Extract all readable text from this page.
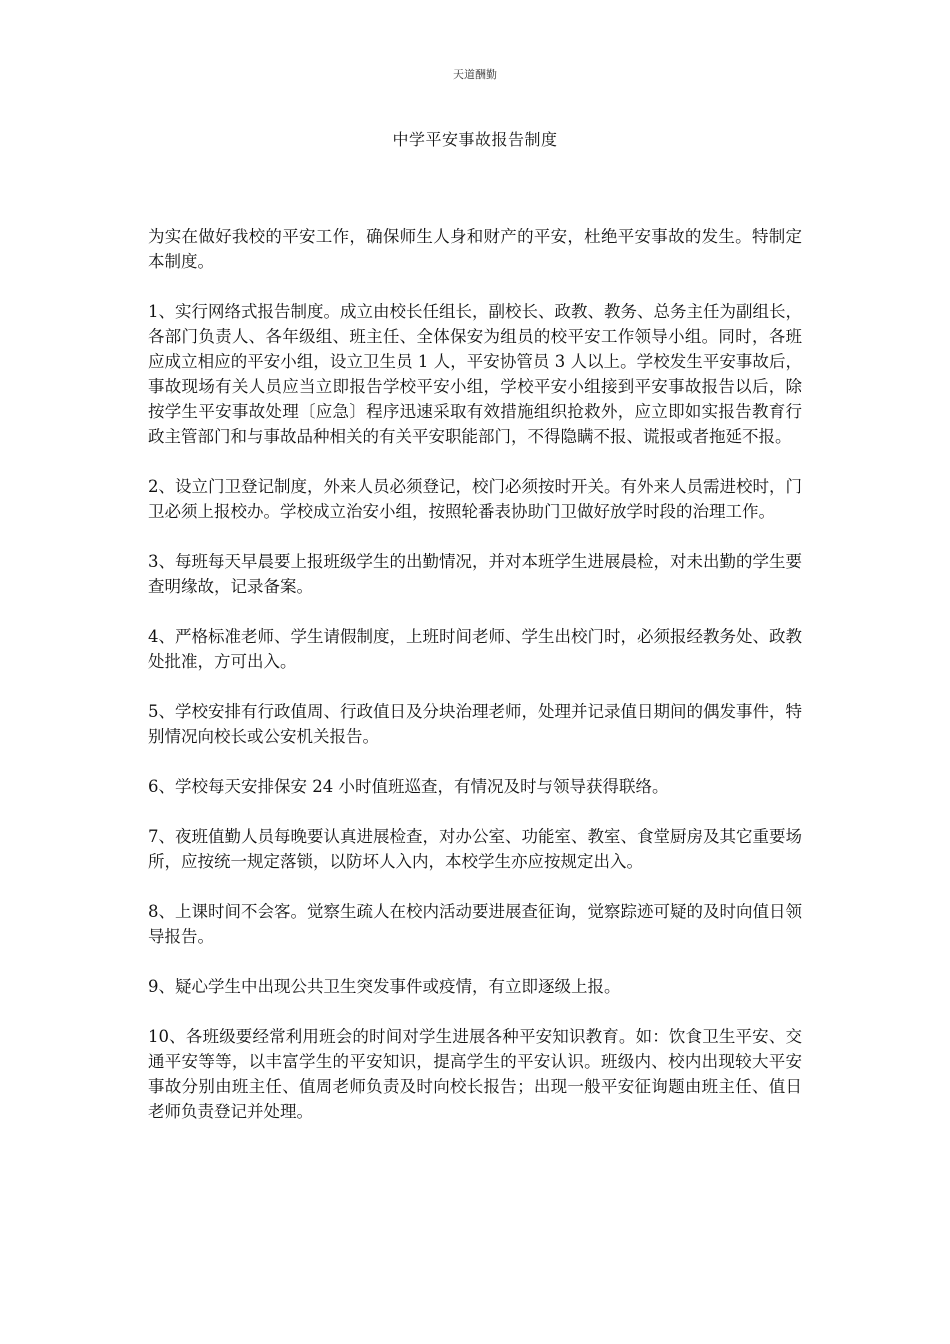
天道酬勤
中学平安事故报告制度

为实在做好我校的平安工作，确保师生人身和财产的平安，杜绝平安事故的发生。特制定本制度。

1、实行网络式报告制度。成立由校长任组长，副校长、政教、教务、总务主任为副组长，各部门负责人、各年级组、班主任、全体保安为组员的校平安工作领导小组。同时，各班应成立相应的平安小组，设立卫生员 1 人，平安协管员 3 人以上。学校发生平安事故后，事故现场有关人员应当立即报告学校平安小组，学校平安小组接到平安事故报告以后，除按学生平安事故处理〔应急〕程序迅速采取有效措施组织抢救外，应立即如实报告教育行政主管部门和与事故品种相关的有关平安职能部门，不得隐瞒不报、谎报或者拖延不报。

2、设立门卫登记制度，外来人员必须登记，校门必须按时开关。有外来人员需进校时，门卫必须上报校办。学校成立治安小组，按照轮番表协助门卫做好放学时段的治理工作。

3、每班每天早晨要上报班级学生的出勤情况，并对本班学生进展晨检，对未出勤的学生要查明缘故，记录备案。

4、严格标准老师、学生请假制度，上班时间老师、学生出校门时，必须报经教务处、政教处批准，方可出入。

5、学校安排有行政值周、行政值日及分块治理老师，处理并记录值日期间的偶发事件，特别情况向校长或公安机关报告。

6、学校每天安排保安 24 小时值班巡查，有情况及时与领导获得联络。

7、夜班值勤人员每晚要认真进展检查，对办公室、功能室、教室、食堂厨房及其它重要场所，应按统一规定落锁，以防坏人入内，本校学生亦应按规定出入。

8、上课时间不会客。觉察生疏人在校内活动要进展查征询，觉察踪迹可疑的及时向值日领导报告。

9、疑心学生中出现公共卫生突发事件或疫情，有立即逐级上报。

10、各班级要经常利用班会的时间对学生进展各种平安知识教育。如：饮食卫生平安、交通平安等等，以丰富学生的平安知识，提高学生的平安认识。班级内、校内出现较大平安事故分别由班主任、值周老师负责及时向校长报告；出现一般平安征询题由班主任、值日老师负责登记并处理。
